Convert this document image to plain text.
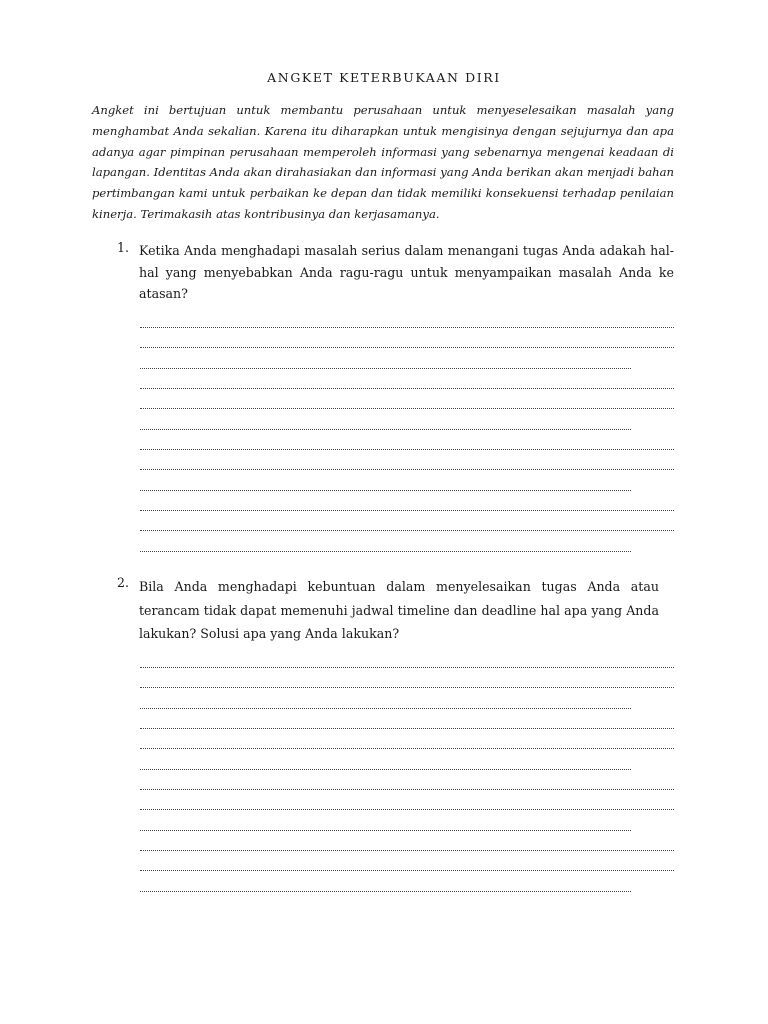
ANGKET KETERBUKAAN DIRI

Angket ini bertujuan untuk membantu perusahaan untuk menyeselesaikan masalah yang menghambat Anda sekalian. Karena itu diharapkan untuk mengisinya dengan sejujurnya dan apa adanya agar pimpinan perusahaan memperoleh informasi yang sebenarnya mengenai keadaan di lapangan. Identitas Anda akan dirahasiakan dan informasi yang Anda berikan akan menjadi bahan pertimbangan kami untuk perbaikan ke depan dan tidak memiliki konsekuensi terhadap penilaian kinerja. Terimakasih atas kontribusinya dan kerjasamanya.

1. Ketika Anda menghadapi masalah serius dalam menangani tugas Anda adakah hal-hal yang menyebabkan Anda ragu-ragu untuk menyampaikan masalah Anda ke atasan?
2. Bila Anda menghadapi kebuntuan dalam menyelesaikan tugas Anda atau terancam tidak dapat memenuhi jadwal timeline dan deadline hal apa yang Anda lakukan? Solusi apa yang Anda lakukan?
